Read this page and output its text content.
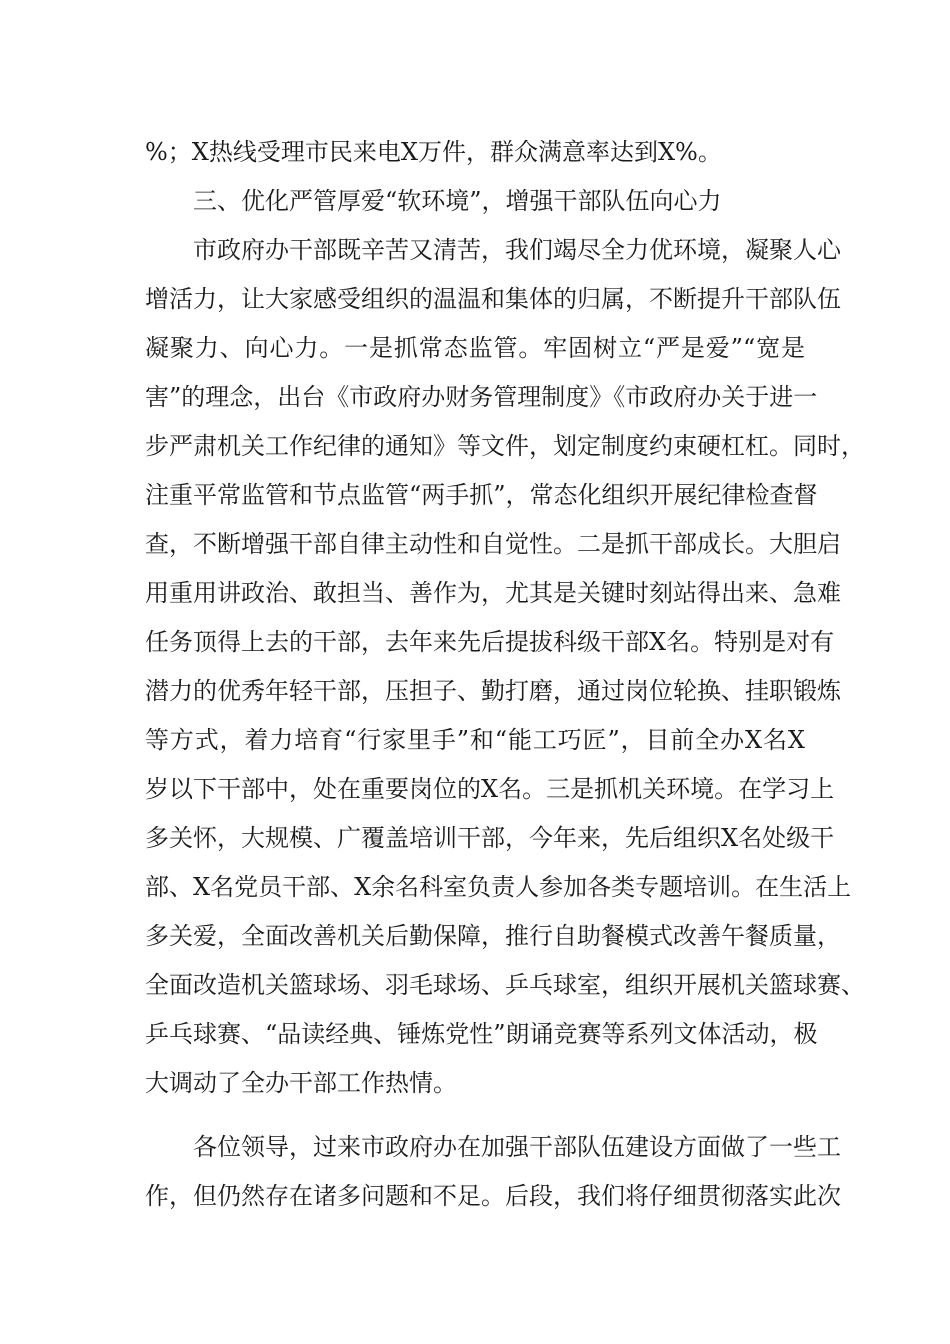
%；X热线受理市民来电X万件，群众满意率达到X%。
三、优化严管厚爱“软环境”，增强干部队伍向心力
市政府办干部既辛苦又清苦，我们竭尽全力优环境，凝聚人心
增活力，让大家感受组织的温温和集体的归属，不断提升干部队伍
凝聚力、向心力。一是抓常态监管。牢固树立“严是爱”“宽是
害”的理念，出台《市政府办财务管理制度》《市政府办关于进一
步严肃机关工作纪律的通知》等文件，划定制度约束硬杠杠。同时，
注重平常监管和节点监管“两手抓”，常态化组织开展纪律检查督
查，不断增强干部自律主动性和自觉性。二是抓干部成长。大胆启
用重用讲政治、敢担当、善作为，尤其是关键时刻站得出来、急难
任务顶得上去的干部，去年来先后提拔科级干部X名。特别是对有
潜力的优秀年轻干部，压担子、勤打磨，通过岗位轮换、挂职锻炼
等方式，着力培育“行家里手”和“能工巧匠”，目前全办X名X
岁以下干部中，处在重要岗位的X名。三是抓机关环境。在学习上
多关怀，大规模、广覆盖培训干部，今年来，先后组织X名处级干
部、X名党员干部、X余名科室负责人参加各类专题培训。在生活上
多关爱，全面改善机关后勤保障，推行自助餐模式改善午餐质量，
全面改造机关篮球场、羽毛球场、乒乓球室，组织开展机关篮球赛、
乒乓球赛、“品读经典、锤炼党性”朗诵竞赛等系列文体活动，极
大调动了全办干部工作热情。
各位领导，过来市政府办在加强干部队伍建设方面做了一些工
作，但仍然存在诸多问题和不足。后段，我们将仔细贯彻落实此次
